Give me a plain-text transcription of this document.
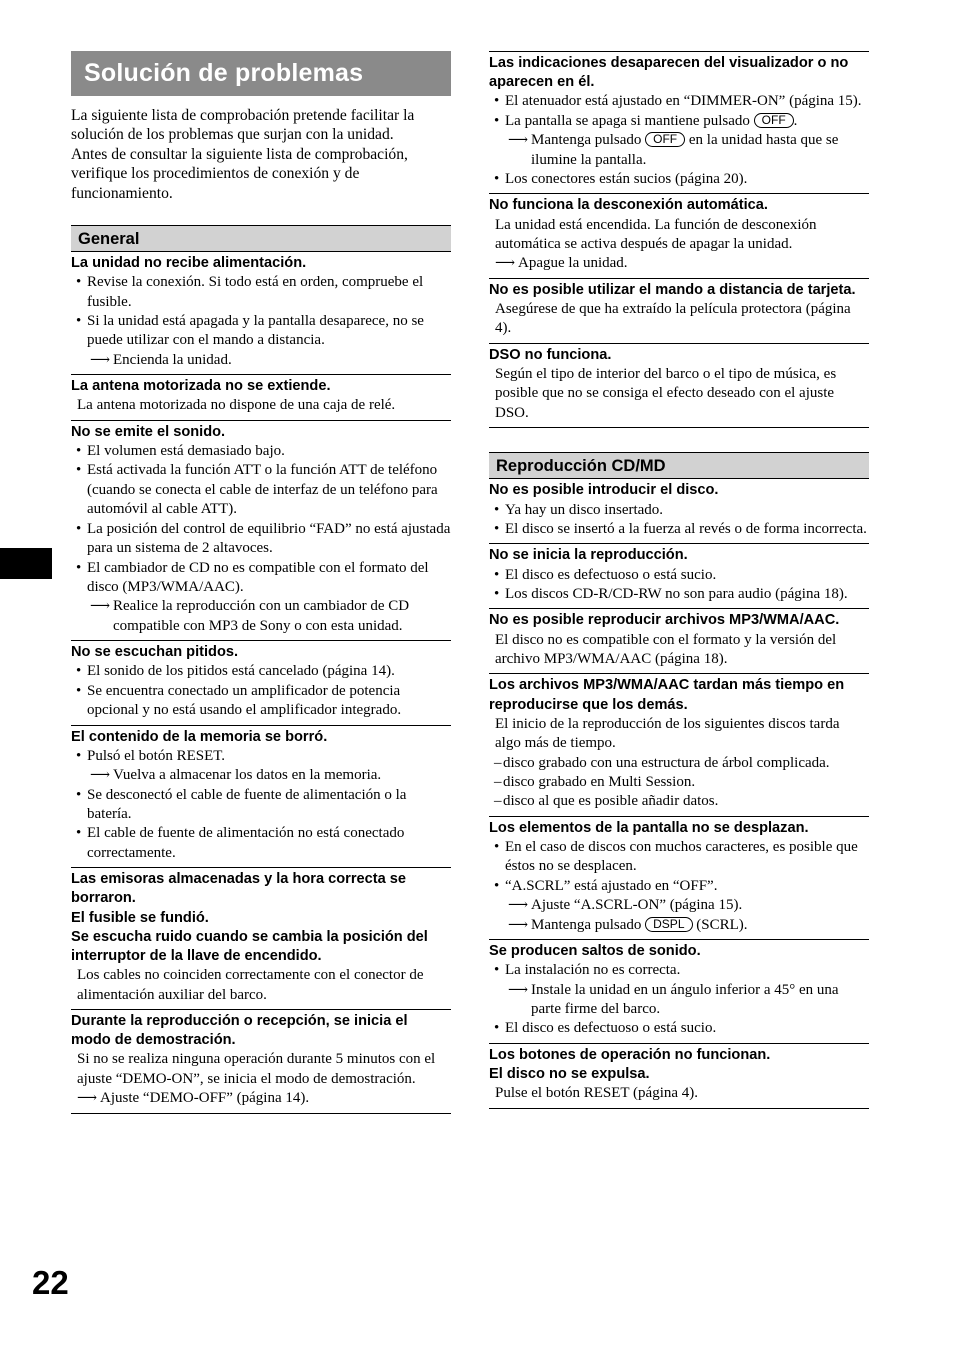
Solución de problemas

La siguiente lista de comprobación pretende facilitar la solución de los problemas que surjan con la unidad.

Antes de consultar la siguiente lista de comprobación, verifique los procedimientos de conexión y de funcionamiento.

General
La unidad no recibe alimentación.
• Revise la conexión. Si todo está en orden, compruebe el fusible.
• Si la unidad está apagada y la pantalla desaparece, no se puede utilizar con el mando a distancia.
⟶ Encienda la unidad.
La antena motorizada no se extiende.
La antena motorizada no dispone de una caja de relé.
No se emite el sonido.
• El volumen está demasiado bajo.
• Está activada la función ATT o la función ATT de teléfono (cuando se conecta el cable de interfaz de un teléfono para automóvil al cable ATT).
• La posición del control de equilibrio “FAD” no está ajustada para un sistema de 2 altavoces.
• El cambiador de CD no es compatible con el formato del disco (MP3/WMA/AAC).
⟶ Realice la reproducción con un cambiador de CD compatible con MP3 de Sony o con esta unidad.
No se escuchan pitidos.
• El sonido de los pitidos está cancelado (página 14).
• Se encuentra conectado un amplificador de potencia opcional y no está usando el amplificador integrado.
El contenido de la memoria se borró.
• Pulsó el botón RESET.
⟶ Vuelva a almacenar los datos en la memoria.
• Se desconectó el cable de fuente de alimentación o la batería.
• El cable de fuente de alimentación no está conectado correctamente.
Las emisoras almacenadas y la hora correcta se borraron.
El fusible se fundió.
Se escucha ruido cuando se cambia la posición del interruptor de la llave de encendido.
Los cables no coinciden correctamente con el conector de alimentación auxiliar del barco.
Durante la reproducción o recepción, se inicia el modo de demostración.
Si no se realiza ninguna operación durante 5 minutos con el ajuste “DEMO-ON”, se inicia el modo de demostración.
⟶ Ajuste “DEMO-OFF” (página 14).
Las indicaciones desaparecen del visualizador o no aparecen en él.
• El atenuador está ajustado en “DIMMER-ON” (página 15).
• La pantalla se apaga si mantiene pulsado OFF .
⟶ Mantenga pulsado OFF en la unidad hasta que se ilumine la pantalla.
• Los conectores están sucios (página 20).
No funciona la desconexión automática.
La unidad está encendida. La función de desconexión automática se activa después de apagar la unidad.
⟶ Apague la unidad.
No es posible utilizar el mando a distancia de tarjeta.
Asegúrese de que ha extraído la película protectora (página 4).
DSO no funciona.
Según el tipo de interior del barco o el tipo de música, es posible que no se consiga el efecto deseado con el ajuste DSO.
Reproducción CD/MD
No es posible introducir el disco.
• Ya hay un disco insertado.
• El disco se insertó a la fuerza al revés o de forma incorrecta.
No se inicia la reproducción.
• El disco es defectuoso o está sucio.
• Los discos CD-R/CD-RW no son para audio (página 18).
No es posible reproducir archivos MP3/WMA/AAC.
El disco no es compatible con el formato y la versión del archivo MP3/WMA/AAC (página 18).
Los archivos MP3/WMA/AAC tardan más tiempo en reproducirse que los demás.
El inicio de la reproducción de los siguientes discos tarda algo más de tiempo.
– disco grabado con una estructura de árbol complicada.
– disco grabado en Multi Session.
– disco al que es posible añadir datos.
Los elementos de la pantalla no se desplazan.
• En el caso de discos con muchos caracteres, es posible que éstos no se desplacen.
• “A.SCRL” está ajustado en “OFF”.
⟶ Ajuste “A.SCRL-ON” (página 15).
⟶ Mantenga pulsado DSPL (SCRL).
Se producen saltos de sonido.
• La instalación no es correcta.
⟶ Instale la unidad en un ángulo inferior a 45° en una parte firme del barco.
• El disco es defectuoso o está sucio.
Los botones de operación no funcionan.
El disco no se expulsa.
Pulse el botón RESET (página 4).
22
